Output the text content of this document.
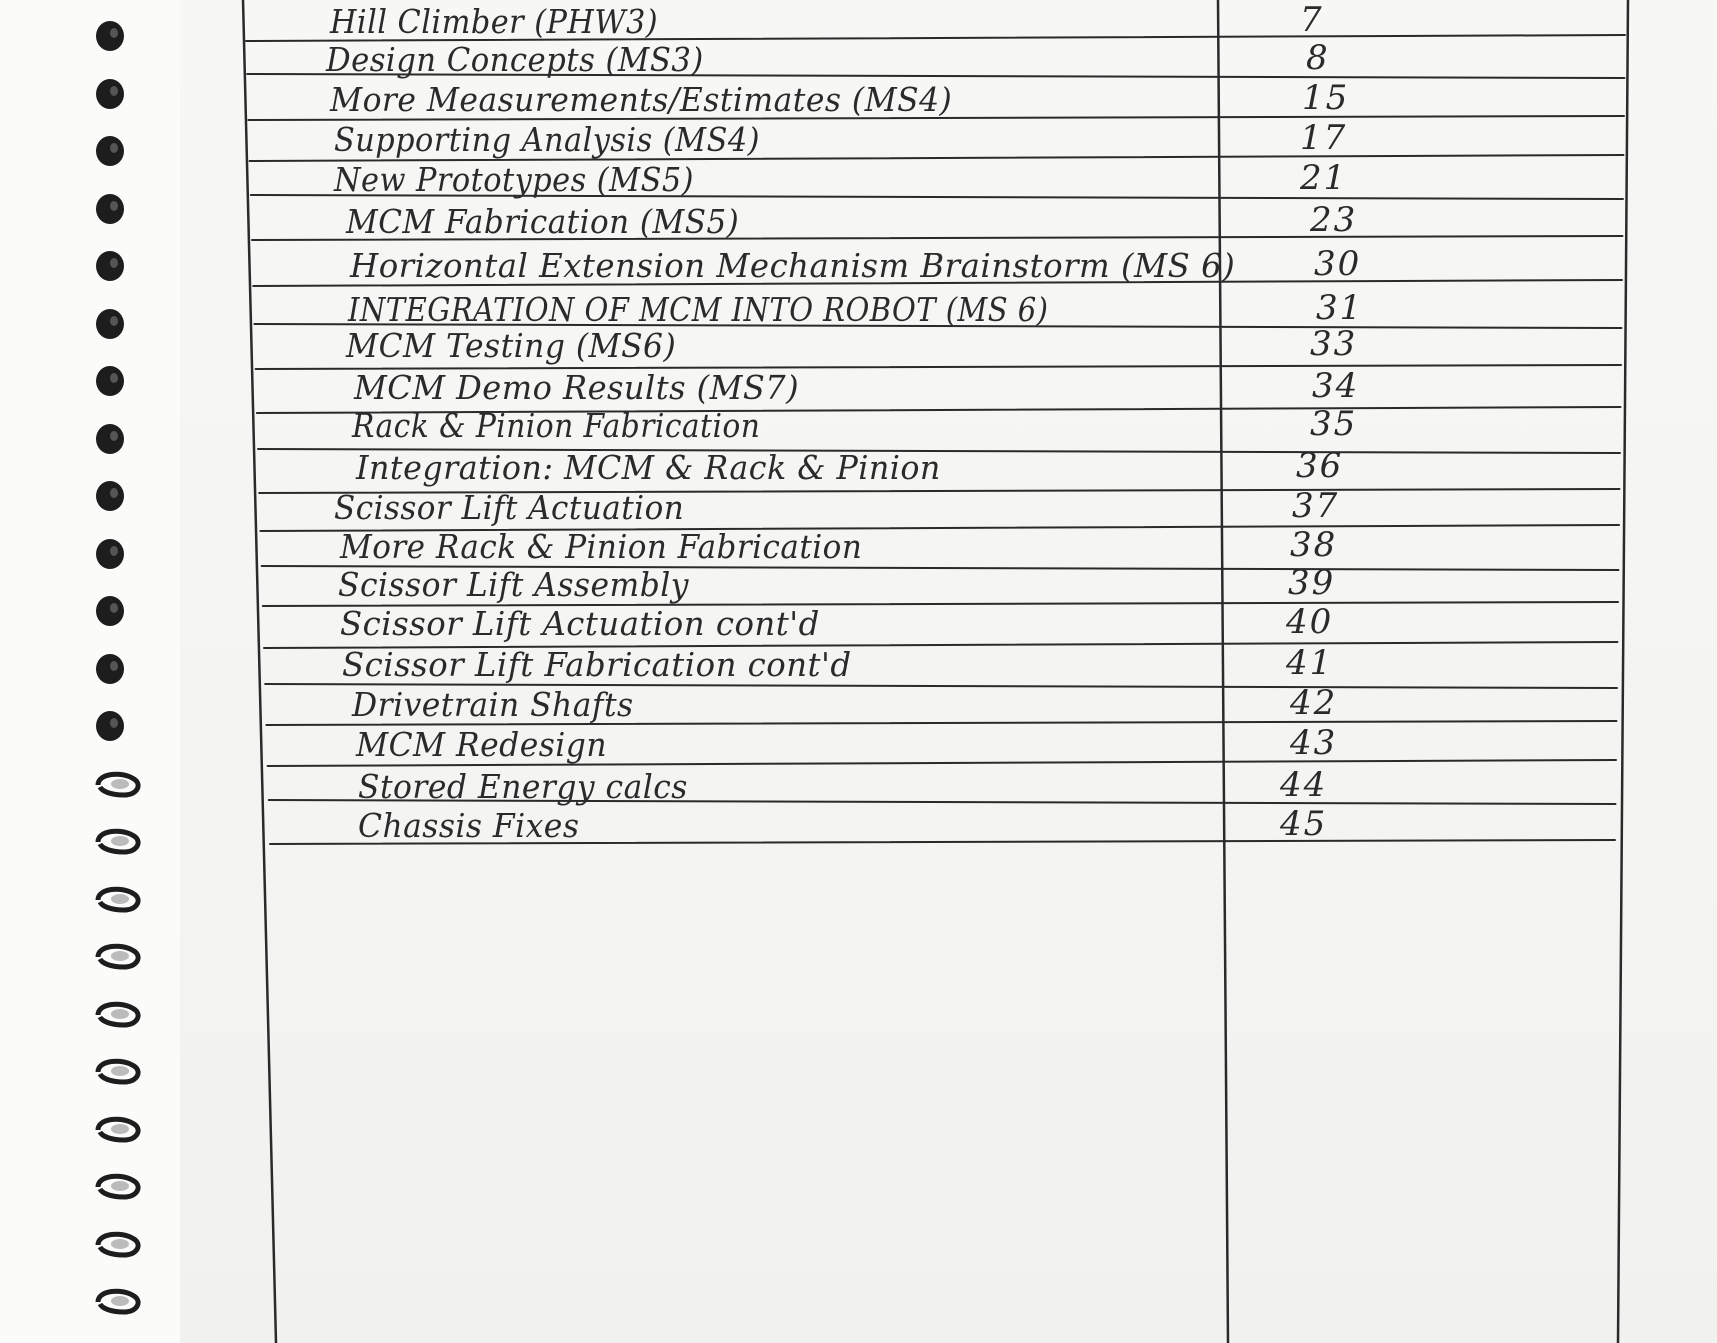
Hill Climber (PHW3)	7
Design Concepts (MS3)	8
More Measurements/Estimates (MS4)	15
Supporting Analysis (MS4)	17
New Prototypes (MS5)	21
MCM Fabrication (MS5)	23
Horizontal Extension Mechanism Brainstorm (MS 6) 30
INTEGRATION OF MCM INTO ROBOT (MS 6)	31
MCM Testing (MS6)	33
MCM Demo Results (MS7)	34
Rack & Pinion Fabrication	35
Integration: MCM & Rack & Pinion	36
Scissor Lift Actuation	37
More Rack & Pinion Fabrication	38
Scissor Lift Assembly	39
Scissor Lift Actuation cont'd	40
Scissor Lift Fabrication cont'd	41
Drivetrain Shafts	42
MCM Redesign	43
Stored Energy calcs	44
Chassis Fixes	45
